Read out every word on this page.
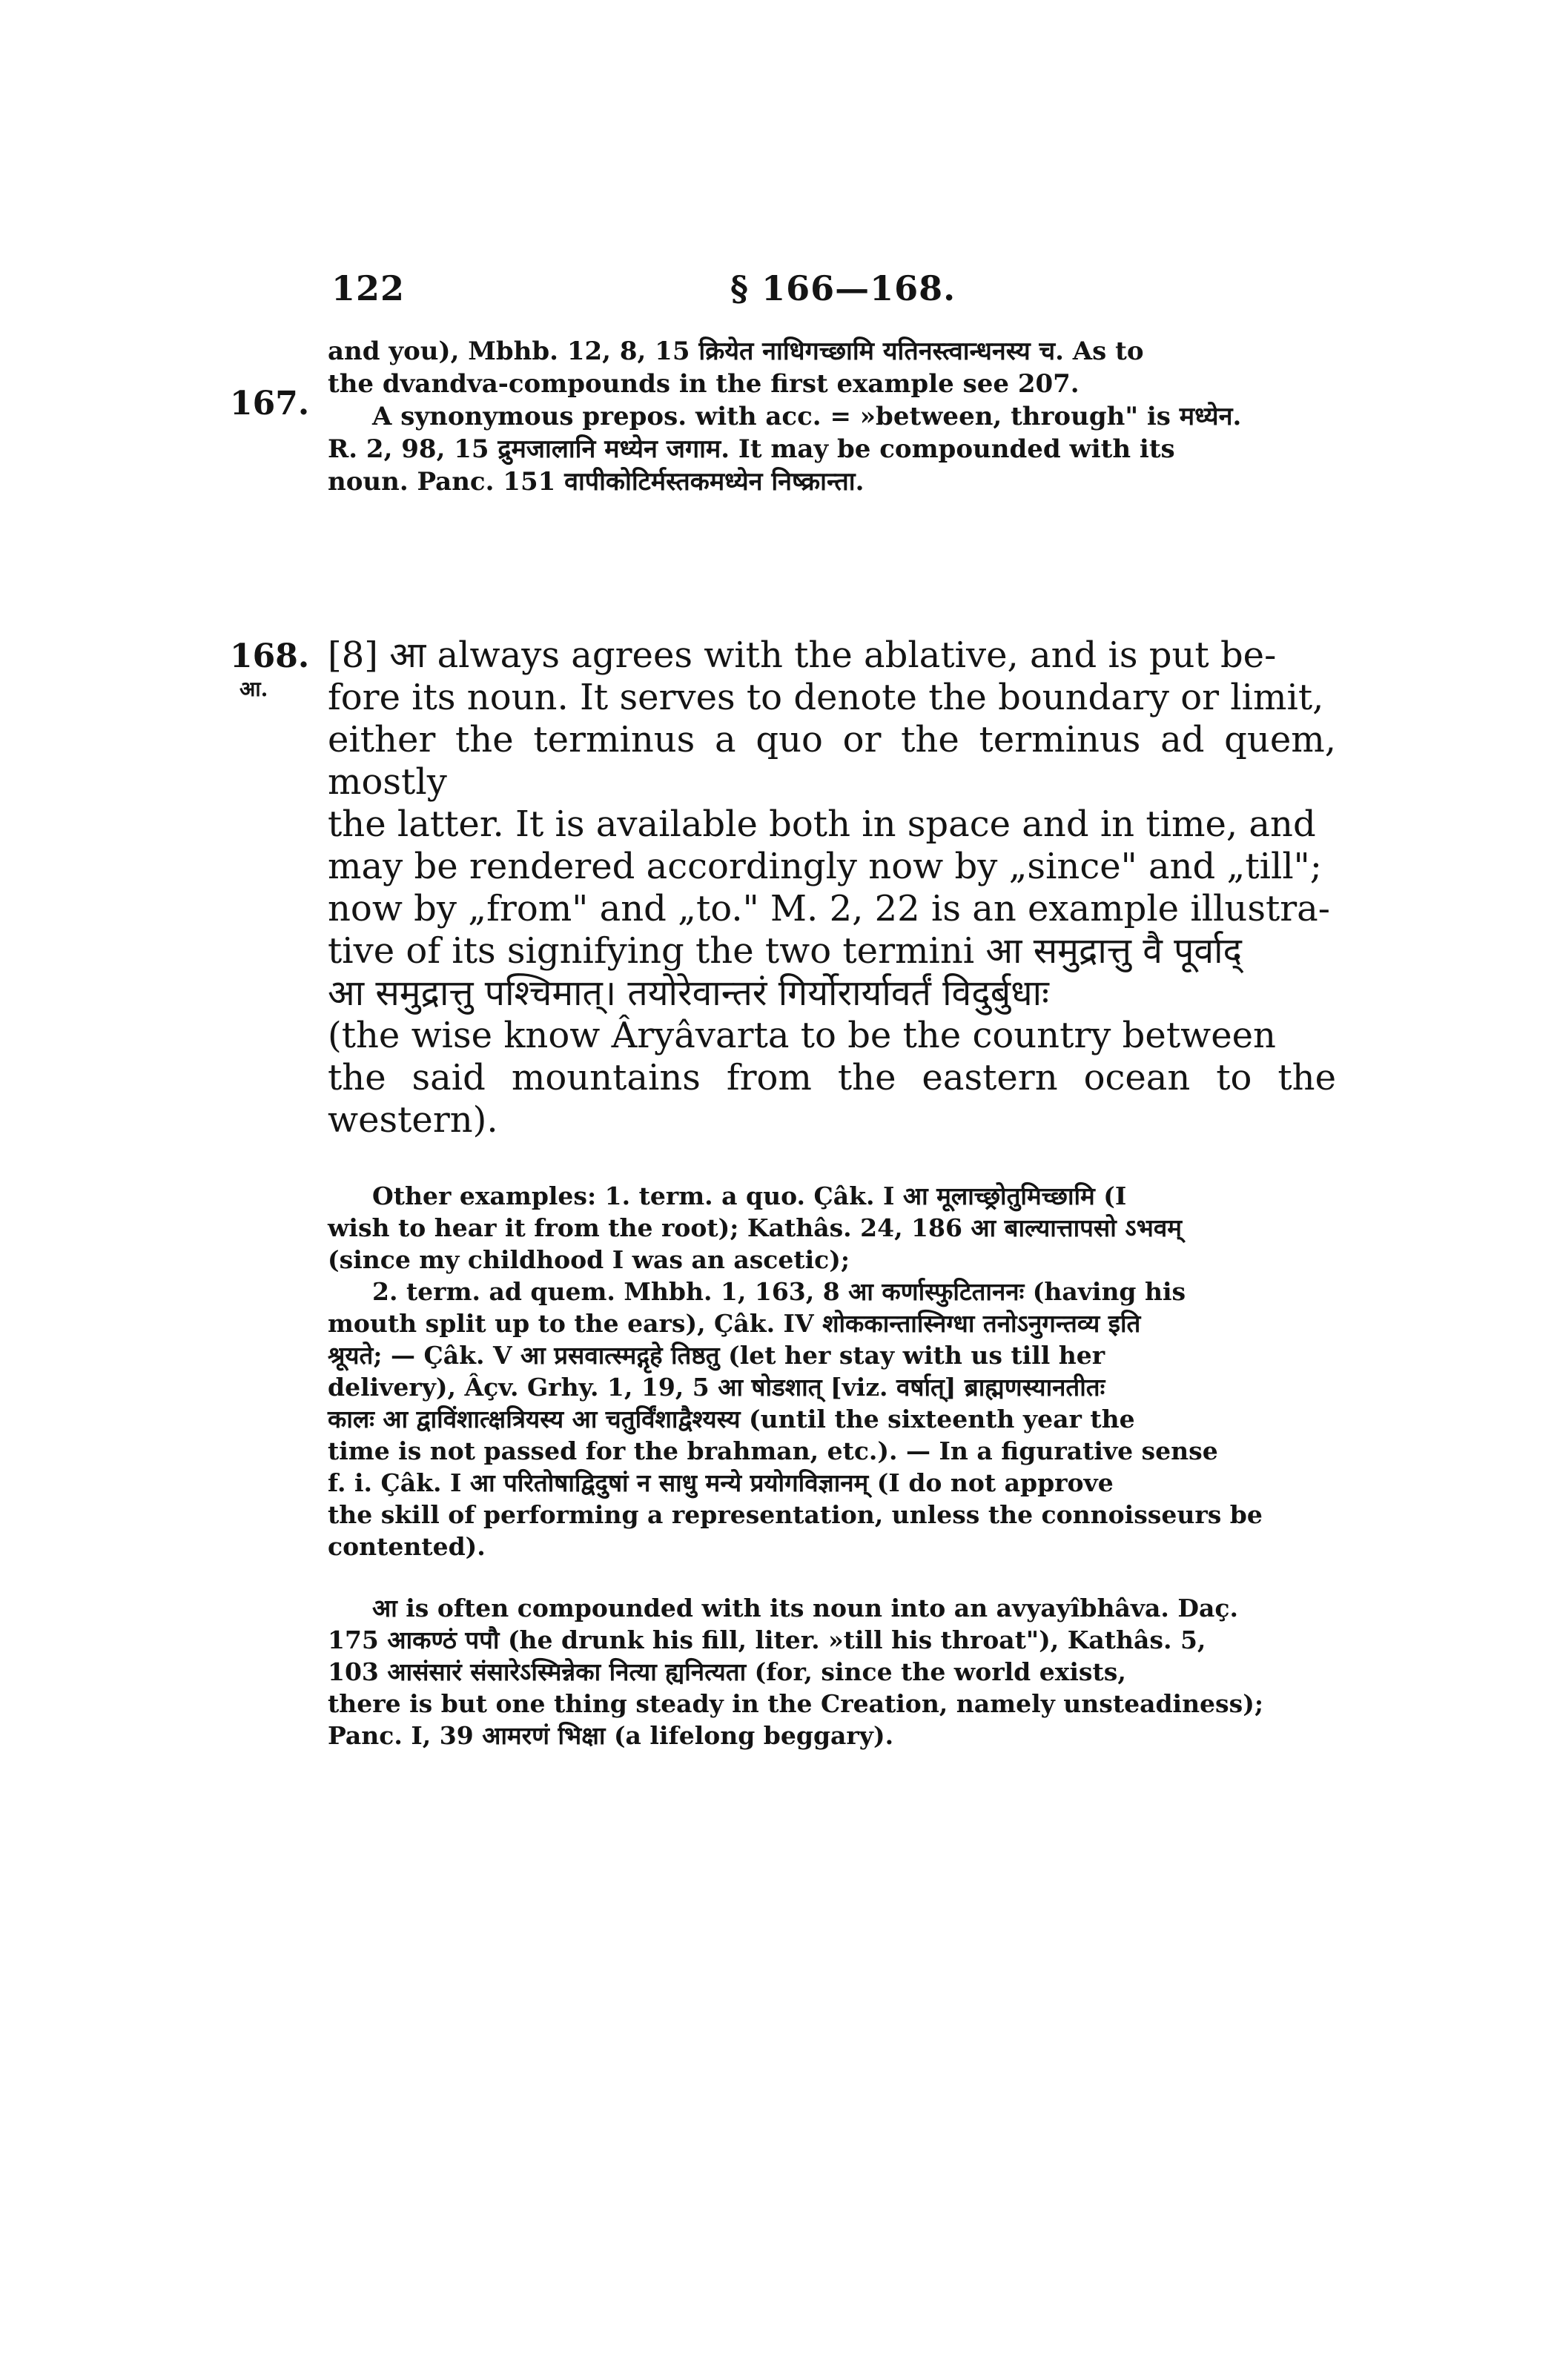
122	§ 166—168.

and you), Mbhb. 12, 8, 15 क्रियेत नाधिगच्छामि यतिनस्त्वान्धनस्य च. As to

the dvandva-compounds in the first example see 207.

167.	A synonymous prepos. with acc. = »between, through" is मध्येन.

R. 2, 98, 15 द्रुमजालानि मध्येन जगाम. It may be compounded with its

noun. Panc. 151 वापीकोटिर्मस्तकमध्येन निष्क्रान्ता.

168.
आ.

[8] आ always agrees with the ablative, and is put be-

fore its noun. It serves to denote the boundary or limit,

either the terminus a quo or the terminus ad quem, mostly

the latter. It is available both in space and in time, and

may be rendered accordingly now by „since" and „till";

now by „from" and „to." M. 2, 22 is an example illustra-

tive of its signifying the two termini आ समुद्रात्तु वै पूर्वाद्

आ समुद्रात्तु पश्चिमात्। तयोरेवान्तरं गिर्योरार्यावर्तं विदुर्बुधाः

(the wise know Âryâvarta to be the country between

the said mountains from the eastern ocean to the western).

Other examples: 1. term. a quo. Çâk. I आ मूलाच्छ्रोतुमिच्छामि (I

wish to hear it from the root); Kathâs. 24, 186 आ बाल्यात्तापसो ऽभवम्

(since my childhood I was an ascetic);

2. term. ad quem. Mhbh. 1, 163, 8 आ कर्णास्फुटिताननः (having his

mouth split up to the ears), Çâk. IV शोककान्तास्निग्धा तनोऽनुगन्तव्य इति

श्रूयते; — Çâk. V आ प्रसवात्स्मद्गृहे तिष्ठतु (let her stay with us till her

delivery), Âçv. Grhy. 1, 19, 5 आ षोडशात् [viz. वर्षात्] ब्राह्मणस्यानतीतः

कालः आ द्वाविंशात्क्षत्रियस्य आ चतुर्विंशाद्वैश्यस्य (until the sixteenth year the

time is not passed for the brahman, etc.). — In a figurative sense

f. i. Çâk. I आ परितोषाद्विदुषां न साधु मन्ये प्रयोगविज्ञानम् (I do not approve

the skill of performing a representation, unless the connoisseurs be

contented).

आ is often compounded with its noun into an avyayîbhâva. Daç.

175 आकण्ठं पपौ (he drunk his fill, liter. »till his throat"), Kathâs. 5,

103 आसंसारं संसारेऽस्मिन्नेका नित्या ह्यनित्यता (for, since the world exists,

there is but one thing steady in the Creation, namely unsteadiness);

Panc. I, 39 आमरणं भिक्षा (a lifelong beggary).
